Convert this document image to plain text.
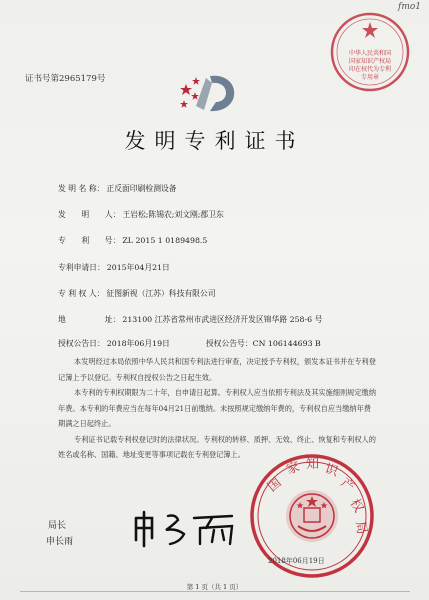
fmo1
证书号第2965179号
中华人民共和国国家知识产权局 印在权代为专利专用章
发明专利证书
发 明 名 称： 正反面印刷检测设备
发　　明　　人： 王岩松;陈锡农;刘文刚;郡卫东
专　　利　　号： ZL 2015 1 0189498.5
专利申请日： 2015年04月21日
专 利 权 人： 征图新视（江苏）科技有限公司
地　　　　　址： 213100 江苏省常州市武进区经济开发区锦华路 258-6 号
授权公告日： 2018年06月19日	授权公告号：CN 106144693 B

本发明经过本局依照中华人民共和国专利法进行审查，决定授予专利权，颁发本证书并在专利登记簿上予以登记。专利权自授权公告之日起生效。

本专利的专利权期限为二十年，自申请日起算。专利权人应当依照专利法及其实施细则规定缴纳年费。本专利的年费应当在每年04月21日前缴纳。未按照规定缴纳年费的，专利权自应当缴纳年费期满之日起终止。

专利证书记载专利权登记时的法律状况。专利权的转移、质押、无效、终止、恢复和专利权人的姓名或名称、国籍、地址变更等事项记载在专利登记簿上。

国
家 知 识
产
权
局
2018年06月19日
局长
申长雨
第 1 页（共 1 页）
